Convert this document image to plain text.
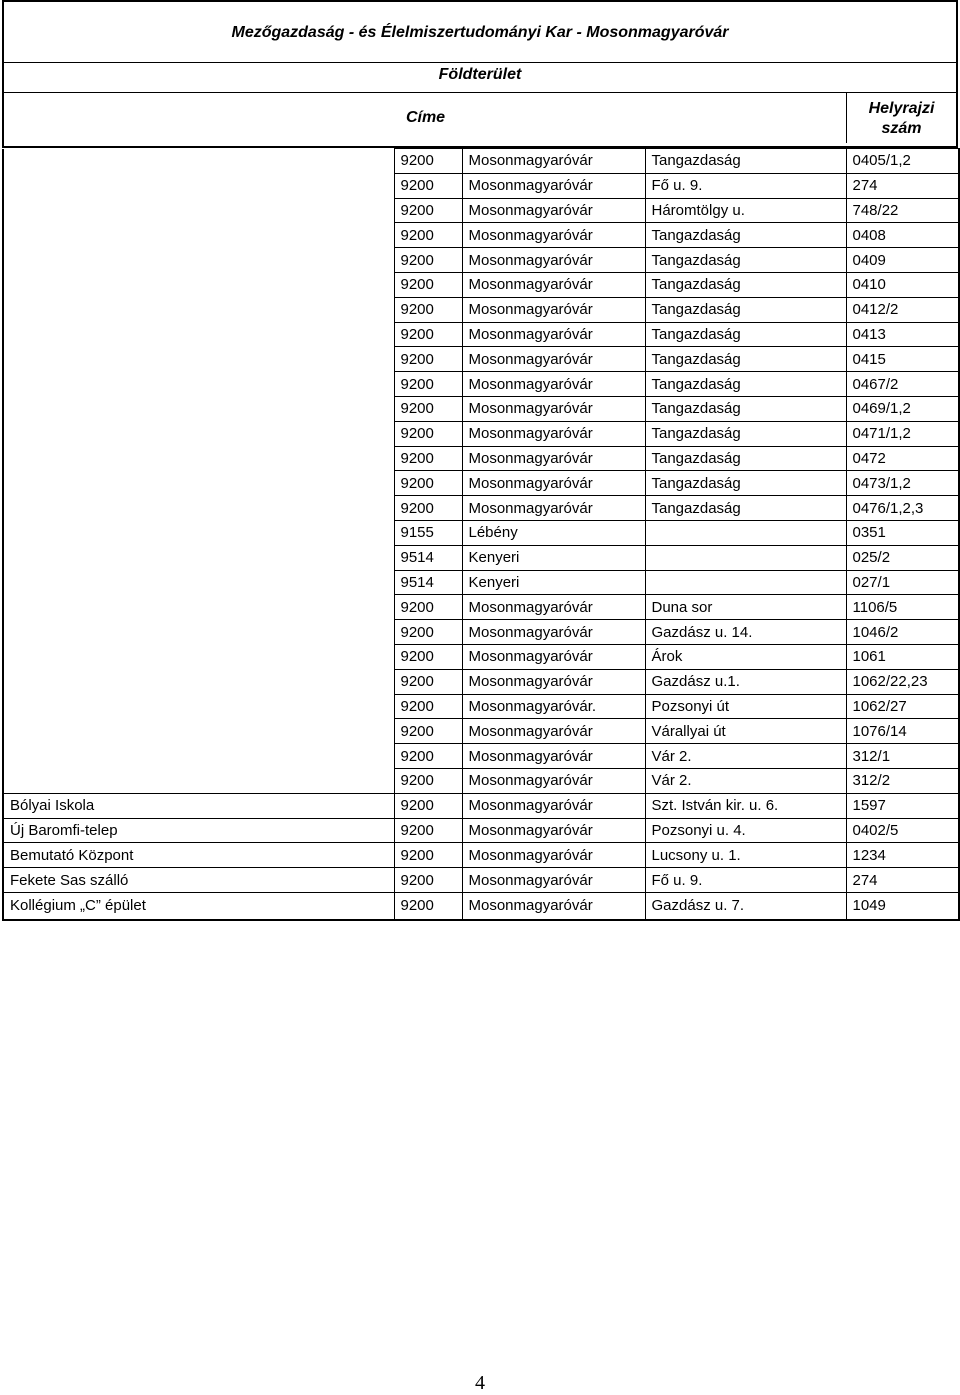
Mezőgazdaság - és Élelmiszertudományi Kar - Mosonmagyaróvár
Földterület
Címe
Helyrajzi
szám
	9200	Mosonmagyaróvár	Tangazdaság	0405/1,2
	9200	Mosonmagyaróvár	Fő u. 9.	274
	9200	Mosonmagyaróvár	Háromtölgy u.	748/22
	9200	Mosonmagyaróvár	Tangazdaság	0408
	9200	Mosonmagyaróvár	Tangazdaság	0409
	9200	Mosonmagyaróvár	Tangazdaság	0410
	9200	Mosonmagyaróvár	Tangazdaság	0412/2
	9200	Mosonmagyaróvár	Tangazdaság	0413
	9200	Mosonmagyaróvár	Tangazdaság	0415
	9200	Mosonmagyaróvár	Tangazdaság	0467/2
	9200	Mosonmagyaróvár	Tangazdaság	0469/1,2
	9200	Mosonmagyaróvár	Tangazdaság	0471/1,2
	9200	Mosonmagyaróvár	Tangazdaság	0472
	9200	Mosonmagyaróvár	Tangazdaság	0473/1,2
	9200	Mosonmagyaróvár	Tangazdaság	0476/1,2,3
	9155	Lébény		0351
	9514	Kenyeri		025/2
	9514	Kenyeri		027/1
	9200	Mosonmagyaróvár	Duna sor	1106/5
	9200	Mosonmagyaróvár	Gazdász u. 14.	1046/2
	9200	Mosonmagyaróvár	Árok	1061
	9200	Mosonmagyaróvár	Gazdász u.1.	1062/22,23
	9200	Mosonmagyaróvár.	Pozsonyi út	1062/27
	9200	Mosonmagyaróvár	Várallyai út	1076/14
	9200	Mosonmagyaróvár	Vár 2.	312/1
	9200	Mosonmagyaróvár	Vár 2.	312/2
Bólyai Iskola	9200	Mosonmagyaróvár	Szt. István kir. u. 6.	1597
Új Baromfi-telep	9200	Mosonmagyaróvár	Pozsonyi u. 4.	0402/5
Bemutató Központ	9200	Mosonmagyaróvár	Lucsony u. 1.	1234
Fekete Sas szálló	9200	Mosonmagyaróvár	Fő u. 9.	274
Kollégium „C” épület	9200	Mosonmagyaróvár	Gazdász u. 7.	1049
4
